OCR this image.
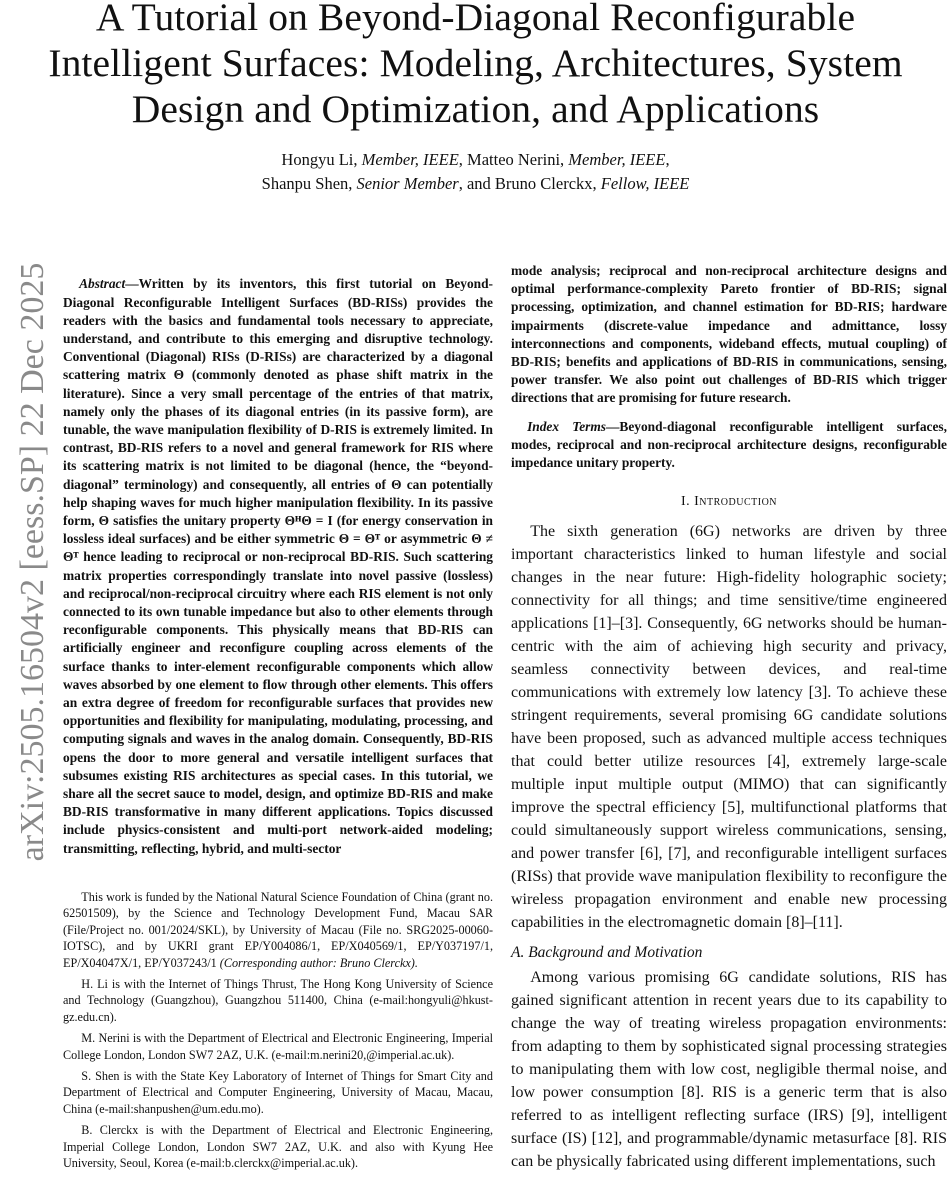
A Tutorial on Beyond-Diagonal Reconfigurable Intelligent Surfaces: Modeling, Architectures, System Design and Optimization, and Applications
Hongyu Li, Member, IEEE, Matteo Nerini, Member, IEEE,
Shanpu Shen, Senior Member, and Bruno Clerckx, Fellow, IEEE
arXiv:2505.16504v2 [eess.SP] 22 Dec 2025	Abstract—Written by its inventors, this first tutorial on Beyond-Diagonal Reconfigurable Intelligent Surfaces (BD-RISs) provides the readers with the basics and fundamental tools necessary to appreciate, understand, and contribute to this emerging and disruptive technology. Conventional (Diagonal) RISs (D-RISs) are characterized by a diagonal scattering matrix Θ (commonly denoted as phase shift matrix in the literature). Since a very small percentage of the entries of that matrix, namely only the phases of its diagonal entries (in its passive form), are tunable, the wave manipulation flexibility of D-RIS is extremely limited. In contrast, BD-RIS refers to a novel and general framework for RIS where its scattering matrix is not limited to be diagonal (hence, the “beyond-diagonal” terminology) and consequently, all entries of Θ can potentially help shaping waves for much higher manipulation flexibility. In its passive form, Θ satisfies the unitary property ΘᴴΘ = I (for energy conservation in lossless ideal surfaces) and be either symmetric Θ = Θᵀ or asymmetric Θ ≠ Θᵀ hence leading to reciprocal or non-reciprocal BD-RIS. Such scattering matrix properties correspondingly translate into novel passive (lossless) and reciprocal/non-reciprocal circuitry where each RIS element is not only connected to its own tunable impedance but also to other elements through reconfigurable components. This physically means that BD-RIS can artificially engineer and reconfigure coupling across elements of the surface thanks to inter-element reconfigurable components which allow waves absorbed by one element to flow through other elements. This offers an extra degree of freedom for reconfigurable surfaces that provides new opportunities and flexibility for manipulating, modulating, processing, and computing signals and waves in the analog domain. Consequently, BD-RIS opens the door to more general and versatile intelligent surfaces that subsumes existing RIS architectures as special cases. In this tutorial, we share all the secret sauce to model, design, and optimize BD-RIS and make BD-RIS transformative in many different applications. Topics discussed include physics-consistent and multi-port network-aided modeling; transmitting, reflecting, hybrid, and multi-sector

This work is funded by the National Natural Science Foundation of China (grant no. 62501509), by the Science and Technology Development Fund, Macau SAR (File/Project no. 001/2024/SKL), by University of Macau (File no. SRG2025-00060-IOTSC), and by UKRI grant EP/Y004086/1, EP/X040569/1, EP/Y037197/1, EP/X04047X/1, EP/Y037243/1 (Corresponding author: Bruno Clerckx).

H. Li is with the Internet of Things Thrust, The Hong Kong University of Science and Technology (Guangzhou), Guangzhou 511400, China (e-mail:hongyuli@hkust-gz.edu.cn).

M. Nerini is with the Department of Electrical and Electronic Engineering, Imperial College London, London SW7 2AZ, U.K. (e-mail:m.nerini20,@imperial.ac.uk).

S. Shen is with the State Key Laboratory of Internet of Things for Smart City and Department of Electrical and Computer Engineering, University of Macau, Macau, China (e-mail:shanpushen@um.edu.mo).

B. Clerckx is with the Department of Electrical and Electronic Engineering, Imperial College London, London SW7 2AZ, U.K. and also with Kyung Hee University, Seoul, Korea (e-mail:b.clerckx@imperial.ac.uk).

mode analysis; reciprocal and non-reciprocal architecture designs and optimal performance-complexity Pareto frontier of BD-RIS; signal processing, optimization, and channel estimation for BD-RIS; hardware impairments (discrete-value impedance and admittance, lossy interconnections and components, wideband effects, mutual coupling) of BD-RIS; benefits and applications of BD-RIS in communications, sensing, power transfer. We also point out challenges of BD-RIS which trigger directions that are promising for future research.

Index Terms—Beyond-diagonal reconfigurable intelligent surfaces, modes, reciprocal and non-reciprocal architecture designs, reconfigurable impedance unitary property.

I. Introduction

The sixth generation (6G) networks are driven by three important characteristics linked to human lifestyle and social changes in the near future: High-fidelity holographic society; connectivity for all things; and time sensitive/time engineered applications [1]–[3]. Consequently, 6G networks should be human-centric with the aim of achieving high security and privacy, seamless connectivity between devices, and real-time communications with extremely low latency [3]. To achieve these stringent requirements, several promising 6G candidate solutions have been proposed, such as advanced multiple access techniques that could better utilize resources [4], extremely large-scale multiple input multiple output (MIMO) that can significantly improve the spectral efficiency [5], multifunctional platforms that could simultaneously support wireless communications, sensing, and power transfer [6], [7], and reconfigurable intelligent surfaces (RISs) that provide wave manipulation flexibility to reconfigure the wireless propagation environment and enable new processing capabilities in the electromagnetic domain [8]–[11].

A. Background and Motivation

Among various promising 6G candidate solutions, RIS has gained significant attention in recent years due to its capability to change the way of treating wireless propagation environments: from adapting to them by sophisticated signal processing strategies to manipulating them with low cost, negligible thermal noise, and low power consumption [8]. RIS is a generic term that is also referred to as intelligent reflecting surface (IRS) [9], intelligent surface (IS) [12], and programmable/dynamic metasurface [8]. RIS can be physically fabricated using different implementations, such
